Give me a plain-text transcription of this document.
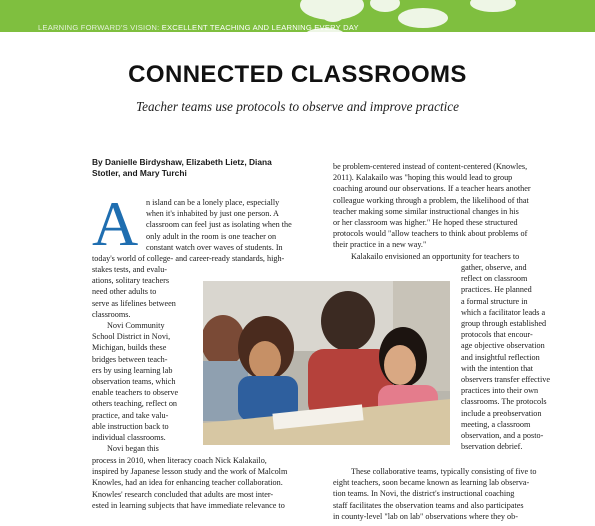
LEARNING FORWARD'S VISION: EXCELLENT TEACHING AND LEARNING EVERY DAY
CONNECTED CLASSROOMS
Teacher teams use protocols to observe and improve practice
By Danielle Birdyshaw, Elizabeth Lietz, Diana
Stotler, and Mary Turchi
A n island can be a lonely place, especially
when it's inhabited by just one person. A
classroom can feel just as isolating when the
only adult in the room is one teacher on
constant watch over waves of students. In
today's world of college- and career-ready standards, high-
stakes tests, and evalu-
ations, solitary teachers
need other adults to
serve as lifelines between
classrooms.
Novi Community
School District in Novi,
Michigan, builds these
bridges between teach-
ers by using learning lab
observation teams, which
enable teachers to observe
others teaching, reflect on
practice, and take valu-
able instruction back to
individual classrooms.
Novi began this
process in 2010, when literacy coach Nick Kalakailo,
inspired by Japanese lesson study and the work of Malcolm
Knowles, had an idea for enhancing teacher collaboration.
Knowles' research concluded that adults are most inter-
ested in learning subjects that have immediate relevance to
be problem-centered instead of content-centered (Knowles,
2011). Kalakailo was "hoping this would lead to group
coaching around our observations. If a teacher hears another
colleague working through a problem, the likelihood of that
teacher making some similar instructional changes in his
or her classroom was higher." He hoped these structured
protocols would "allow teachers to think about problems of
their practice in a new way."
Kalakailo envisioned an opportunity for teachers to
gather, observe, and
reflect on classroom
practices. He planned
a formal structure in
which a facilitator leads a
group through established
protocols that encour-
age objective observation
and insightful reflection
with the intention that
observers transfer effective
practices into their own
classrooms. The protocols
include a preobservation
meeting, a classroom
observation, and a posto-
bservation debrief.
These collaborative teams, typically consisting of five to
eight teachers, soon became known as learning lab observa-
tion teams. In Novi, the district's instructional coaching
staff facilitates the observation teams and also participates
in county-level "lab on lab" observations where they ob-
